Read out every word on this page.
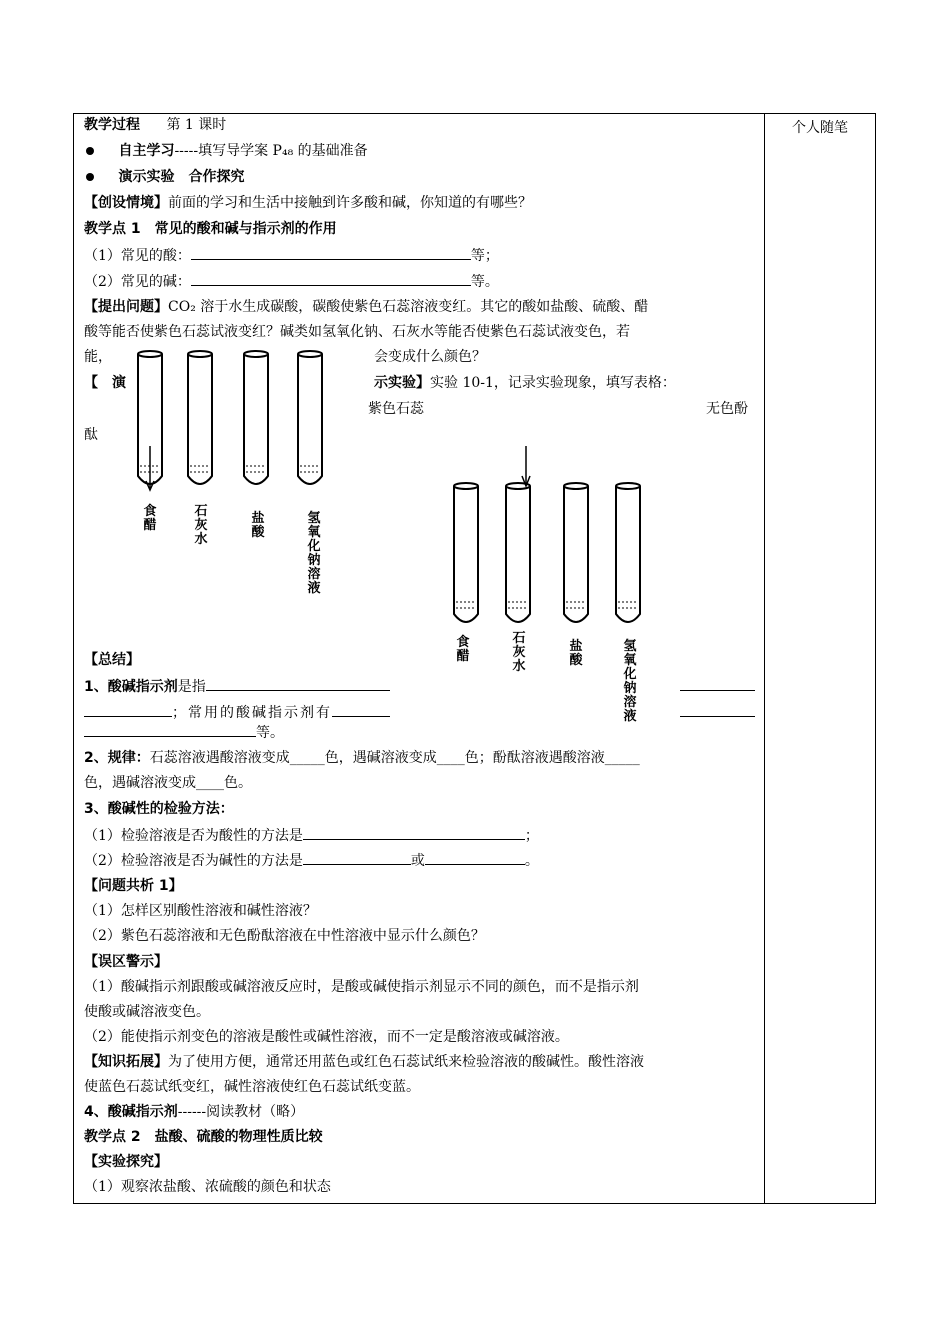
个人随笔
教学过程 第 1 课时
自主学习-----填写导学案 P₄₈ 的基础准备
演示实验　合作探究
【创设情境】前面的学习和生活中接触到许多酸和碱，你知道的有哪些？
教学点 1　常见的酸和碱与指示剂的作用
（1）常见的酸：	等；
（2）常见的碱：	等。
【提出问题】CO₂ 溶于水生成碳酸，碳酸使紫色石蕊溶液变红。其它的酸如盐酸、硫酸、醋
酸等能否使紫色石蕊试液变红？碱类如氢氧化钠、石灰水等能否使紫色石蕊试液变色，若
能，	会变成什么颜色？
【　演	示实验】实验 10-1，记录实验现象，填写表格：
紫色石蕊	无色酚
酞
食醋
石灰水
盐酸
氢氧化钠溶液
食醋
石灰水
盐酸
氢氧化钠溶液
【总结】
1、酸碱指示剂是指
；常用的酸碱指示剂有
等。
2、规律：石蕊溶液遇酸溶液变成_____色，遇碱溶液变成____色；酚酞溶液遇酸溶液_____
色，遇碱溶液变成____色。
3、酸碱性的检验方法：
（1）检验溶液是否为酸性的方法是	；
（2）检验溶液是否为碱性的方法是	或	。
【问题共析 1】
（1）怎样区别酸性溶液和碱性溶液？
（2）紫色石蕊溶液和无色酚酞溶液在中性溶液中显示什么颜色？
【误区警示】
（1）酸碱指示剂跟酸或碱溶液反应时，是酸或碱使指示剂显示不同的颜色，而不是指示剂
使酸或碱溶液变色。
（2）能使指示剂变色的溶液是酸性或碱性溶液，而不一定是酸溶液或碱溶液。
【知识拓展】为了使用方便，通常还用蓝色或红色石蕊试纸来检验溶液的酸碱性。酸性溶液
使蓝色石蕊试纸变红，碱性溶液使红色石蕊试纸变蓝。
4、酸碱指示剂------阅读教材（略）
教学点 2　盐酸、硫酸的物理性质比较
【实验探究】
（1）观察浓盐酸、浓硫酸的颜色和状态
